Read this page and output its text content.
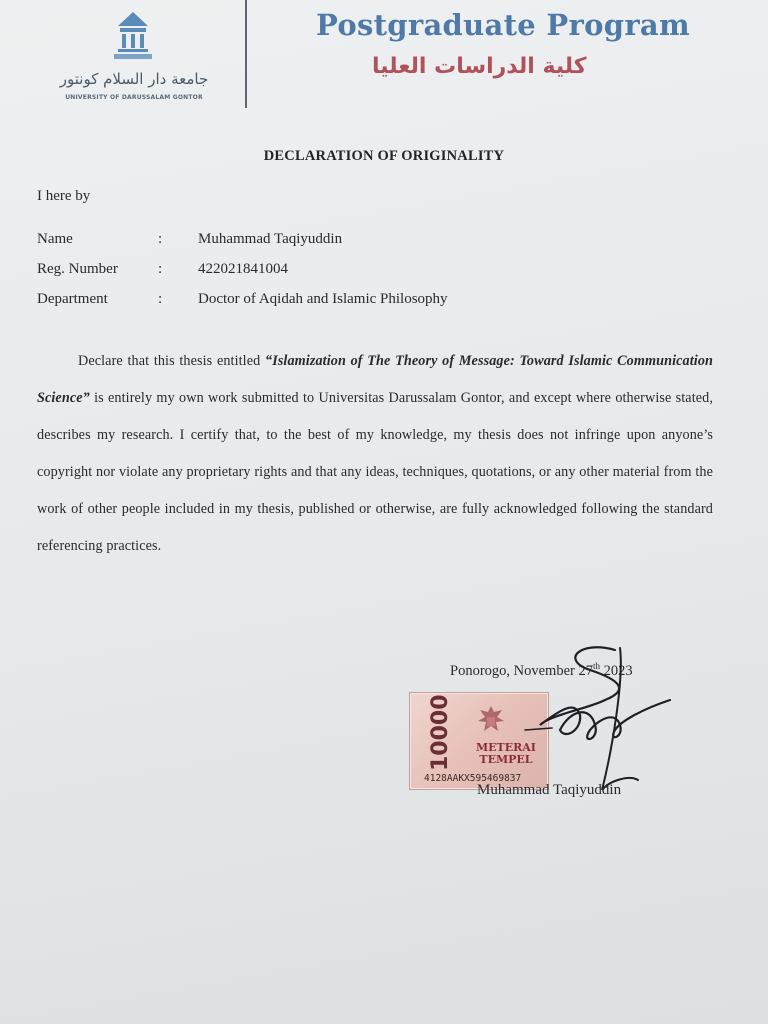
جامعة دار السلام كونتور
UNIVERSITY OF DARUSSALAM GONTOR
Postgraduate Program
كلية الدراسات العليا
DECLARATION OF ORIGINALITY
I here by
Name	: Muhammad Taqiyuddin
Reg. Number	: 422021841004
Department	: Doctor of Aqidah and Islamic Philosophy
Declare that this thesis entitled “Islamization of The Theory of Message: Toward Islamic Communication Science” is entirely my own work submitted to Universitas Darussalam Gontor, and except where otherwise stated, describes my research. I certify that, to the best of my knowledge, my thesis does not infringe upon anyone’s copyright nor violate any proprietary rights and that any ideas, techniques, quotations, or any other material from the work of other people included in my thesis, published or otherwise, are fully acknowledged following the standard referencing practices.
Ponorogo, November 27th 2023
10000 METERAI
TEMPEL
4128AAKX595469837
Muhammad Taqiyuddin
